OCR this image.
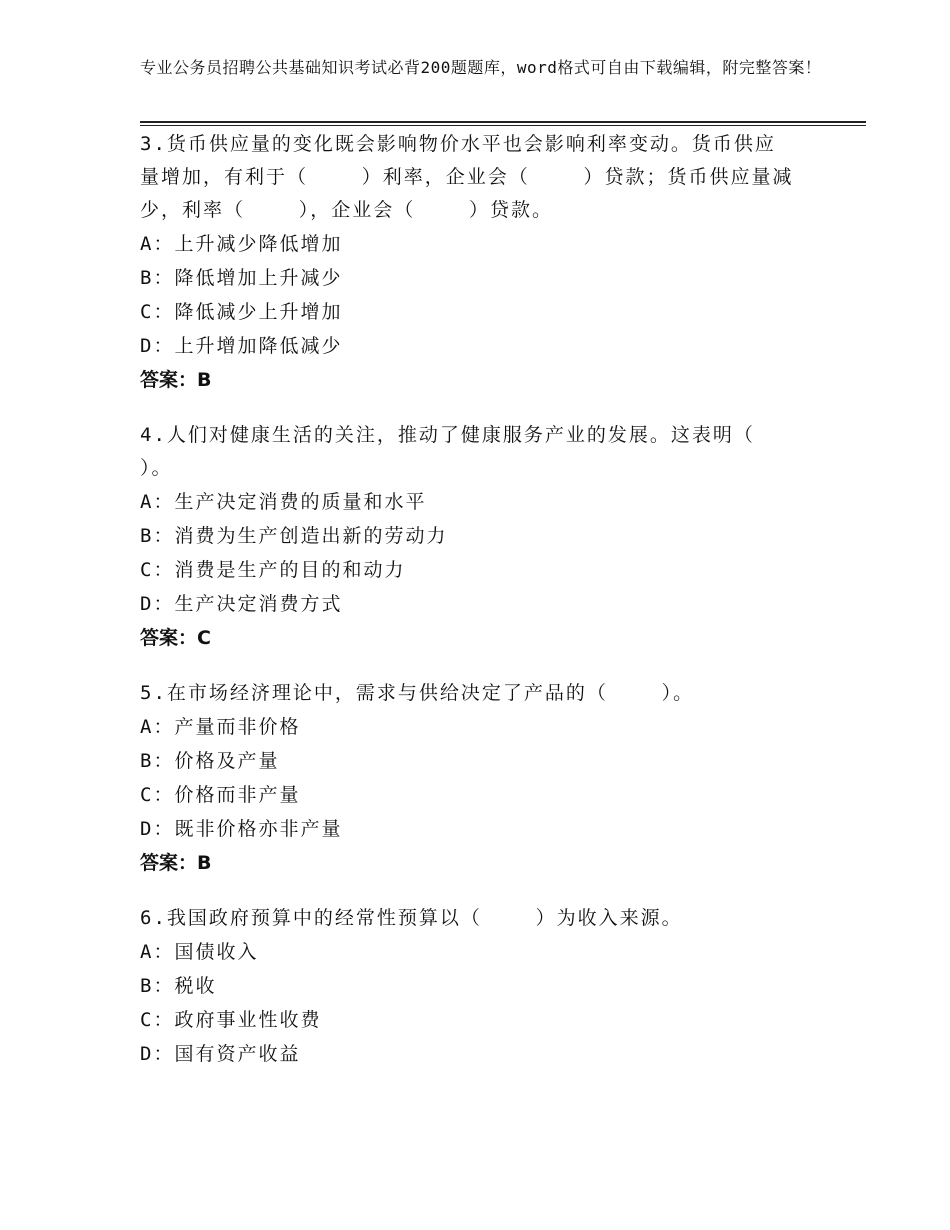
专业公务员招聘公共基础知识考试必背200题题库，word格式可自由下载编辑，附完整答案！

3.货币供应量的变化既会影响物价水平也会影响利率变动。货币供应

量增加，有利于（    ）利率，企业会（    ）贷款；货币供应量减

少，利率（    ），企业会（    ）贷款。

A：上升减少降低增加

B：降低增加上升减少

C：降低减少上升增加

D：上升增加降低减少

答案：B

4.人们对健康生活的关注，推动了健康服务产业的发展。这表明（

）。

A：生产决定消费的质量和水平

B：消费为生产创造出新的劳动力

C：消费是生产的目的和动力

D：生产决定消费方式

答案：C

5.在市场经济理论中，需求与供给决定了产品的（    ）。

A：产量而非价格

B：价格及产量

C：价格而非产量

D：既非价格亦非产量

答案：B

6.我国政府预算中的经常性预算以（    ）为收入来源。

A：国债收入

B：税收

C：政府事业性收费

D：国有资产收益
